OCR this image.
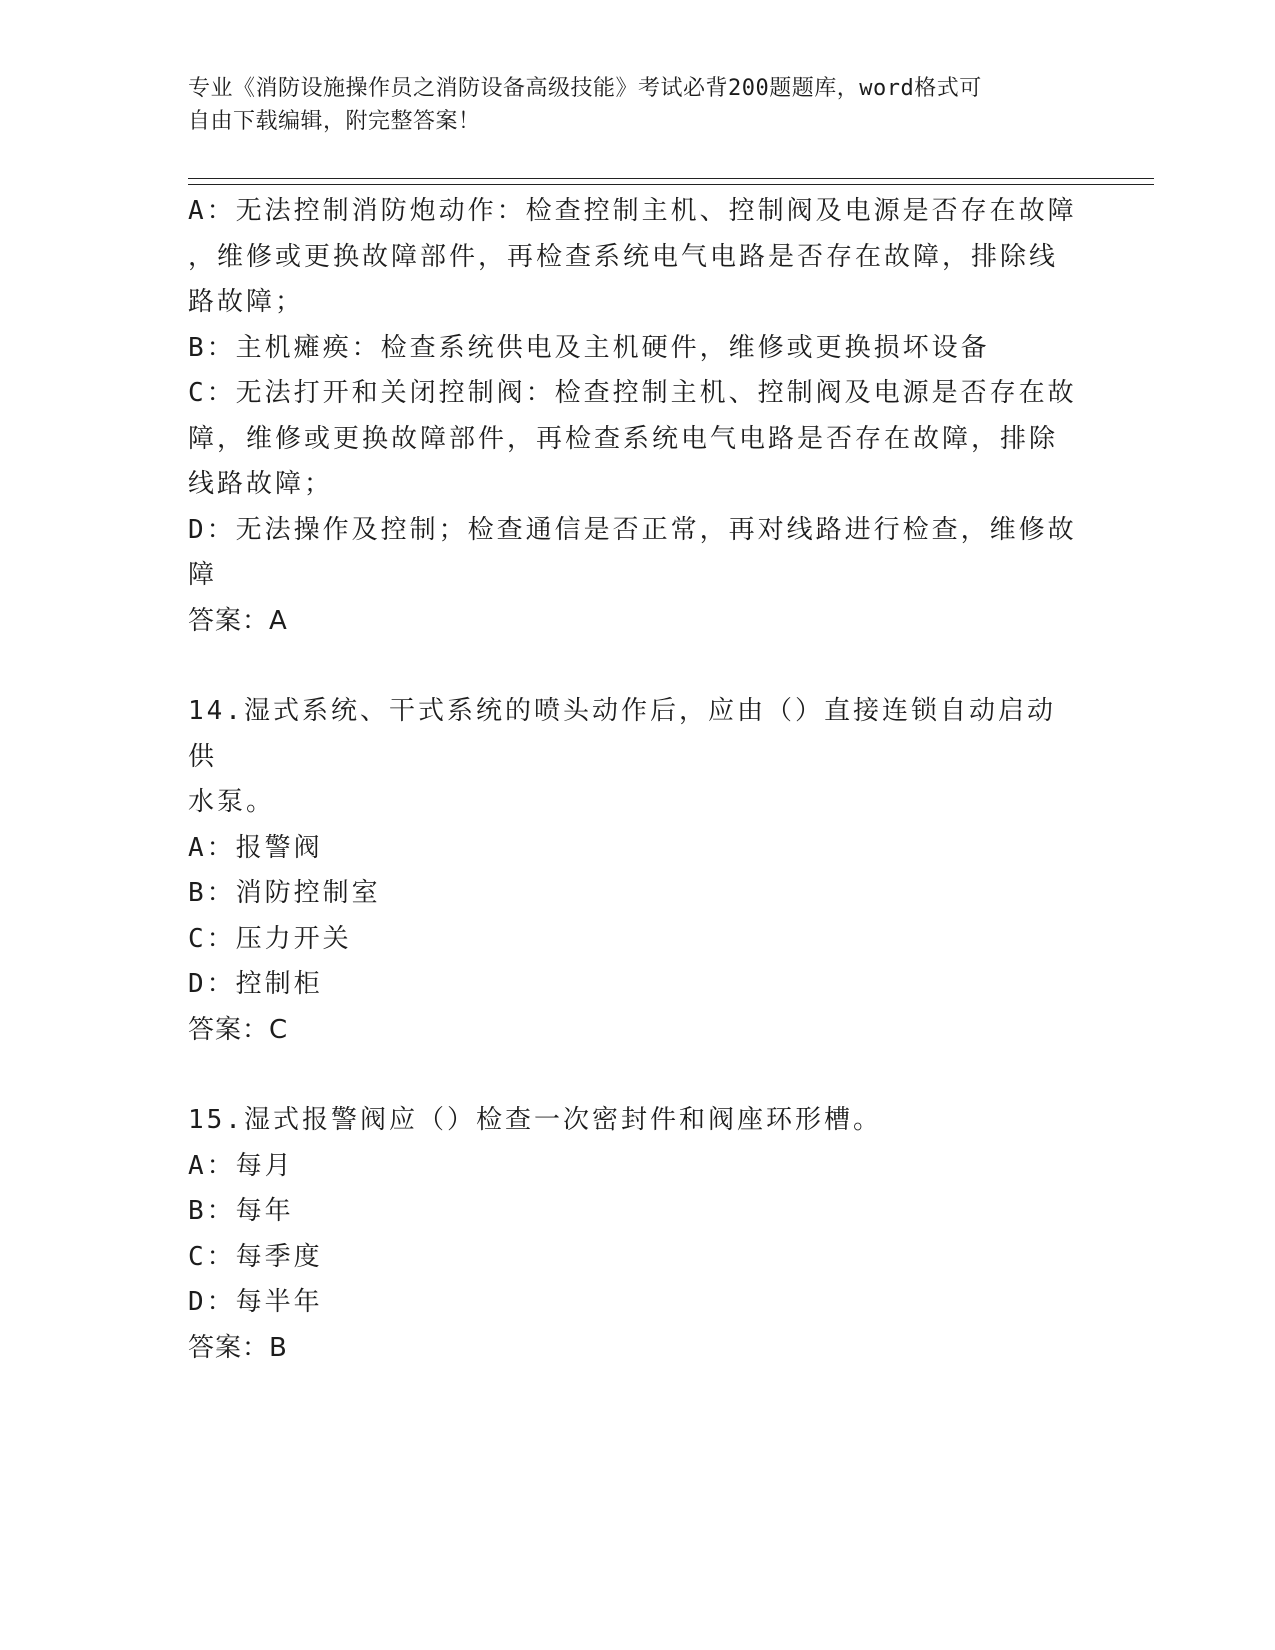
专业《消防设施操作员之消防设备高级技能》考试必背200题题库，word格式可
自由下载编辑，附完整答案！
A：无法控制消防炮动作：检查控制主机、控制阀及电源是否存在故障
，维修或更换故障部件，再检查系统电气电路是否存在故障，排除线
路故障；
B：主机瘫痪：检查系统供电及主机硬件，维修或更换损坏设备
C：无法打开和关闭控制阀：检查控制主机、控制阀及电源是否存在故
障，维修或更换故障部件，再检查系统电气电路是否存在故障，排除
线路故障；
D：无法操作及控制；检查通信是否正常，再对线路进行检查，维修故
障
答案：A
14.湿式系统、干式系统的喷头动作后，应由（）直接连锁自动启动供
水泵。
A：报警阀
B：消防控制室
C：压力开关
D：控制柜
答案：C
15.湿式报警阀应（）检查一次密封件和阀座环形槽。
A：每月
B：每年
C：每季度
D：每半年
答案：B
